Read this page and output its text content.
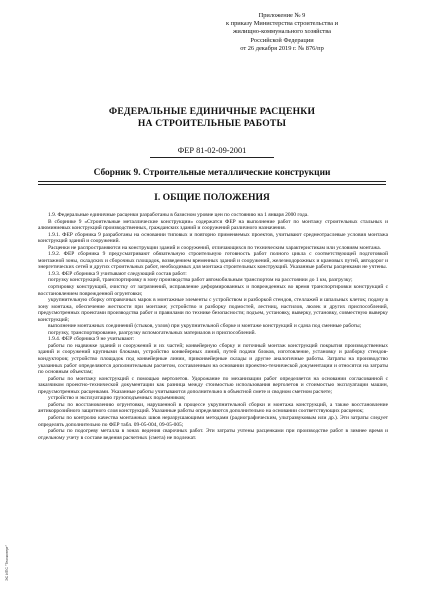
Приложение № 9
к приказу Министерства строительства и
жилищно-коммунального хозяйства
Российской Федерации
от 26 декабря 2019 г. № 876/пр
ФЕДЕРАЛЬНЫЕ ЕДИНИЧНЫЕ РАСЦЕНКИ
НА СТРОИТЕЛЬНЫЕ РАБОТЫ
ФЕР 81-02-09-2001
Сборник 9. Строительные металлические конструкции
I. ОБЩИЕ ПОЛОЖЕНИЯ

1.9. Федеральные единичные расценки разработаны в базисном уровне цен по состоянию на 1 января 2000 года.

В сборнике 9 «Строительные металлические конструкции» содержатся ФЕР на выполнение работ по монтажу строительных стальных и алюминиевых конструкций производственных, гражданских зданий и сооружений различного назначения.

1.9.1. ФЕР сборника 9 разработаны на основании типовых и повторно применяемых проектов, учитывают среднеотраслевые условия монтажа конструкций зданий и сооружений.

Расценки не распространяются на конструкции зданий и сооружений, отличающихся по техническим характеристикам или условиям монтажа.

1.9.2. ФЕР сборника 9 предусматривают обязательную строительную готовность работ полного цикла с соответствующей подготовкой монтажной зоны, складских и сборочных площадок, возведением временных зданий и сооружений, железнодорожных и крановых путей, автодорог и энергетических сетей и других строительных работ, необходимых для монтажа строительных конструкций. Указанные работы расценками не учтены.

1.9.3. ФЕР сборника 9 учитывают следующий состав работ:

погрузку конструкций, транспортировку в зону производства работ автомобильным транспортом на расстоянии до 1 км, разгрузку;

сортировку конструкций, очистку от загрязнений, исправление деформированных и поврежденных во время транспортировки конструкций с восстановлением поврежденной огрунтовки;

укрупнительную сборку отправочных марок в монтажные элементы с устройством и разборкой стендов, стеллажей и шпальных клеток; подачу в зону монтажа, обеспечение жесткости при монтаже; устройство и разборку подмостей, лестниц, настилов, люлек и других приспособлений, предусмотренных проектами производства работ и правилами по технике безопасности; подъем, установку, выверку, установку, совместную выверку конструкций;

выполнение монтажных соединений (стыков, узлов) при укрупнительной сборке и монтаже конструкций и сдача под сменные работы;

погрузку, транспортирование, разгрузку вспомогательных материалов и приспособлений.

1.9.4. ФЕР сборника 9 не учитывают:

работы по надвижке зданий и сооружений и их частей; конвейерную сборку и поточный монтаж конструкций покрытия производственных зданий и сооружений крупными блоками, устройство конвейерных линий, путей подачи блоков, изготовление, установку и разборку стендов-кондукторов; устройство площадок под конвейерные линии, приконвейерные склады и другие аналогичные работы. Затраты на производство указанных работ определяются дополнительным расчетом, составленным на основании проектно-технической документации и относятся на затраты по основным объектам;

работы по монтажу конструкций с помощью вертолетов. Удорожание по механизации работ определяется на основании согласованной с заказчиком проектно-технической документации как разница между стоимостью использования вертолетов и стоимостью эксплуатации машин, предусмотренных расценками. Указанные работы учитываются дополнительно в объектной смете и сводном сметном расчете;

устройство и эксплуатацию грузоподъемных подъемников;

работы по восстановлению огрунтовки, нарушенной в процессе укрупнительной сборки и монтажа конструкций, а также восстановление антикоррозийного защитного слоя конструкций. Указанные работы определяются дополнительно на основании соответствующих расценок;

работы по контролю качества монтажных швов неразрушающими методами (радиографическим, ультразвуковым или др.). Эти затраты следует определять дополнительно по ФЕР табл. 09-05-004, 09-05-005;

работы по подогреву металла в зонах ведения сварочных работ. Эти затраты учтены расценками при производстве работ в зимнее время и отдельному учету в составе ведения расчетных (смета) не подлежат.

ЭС ИПС "Техэксперт"
